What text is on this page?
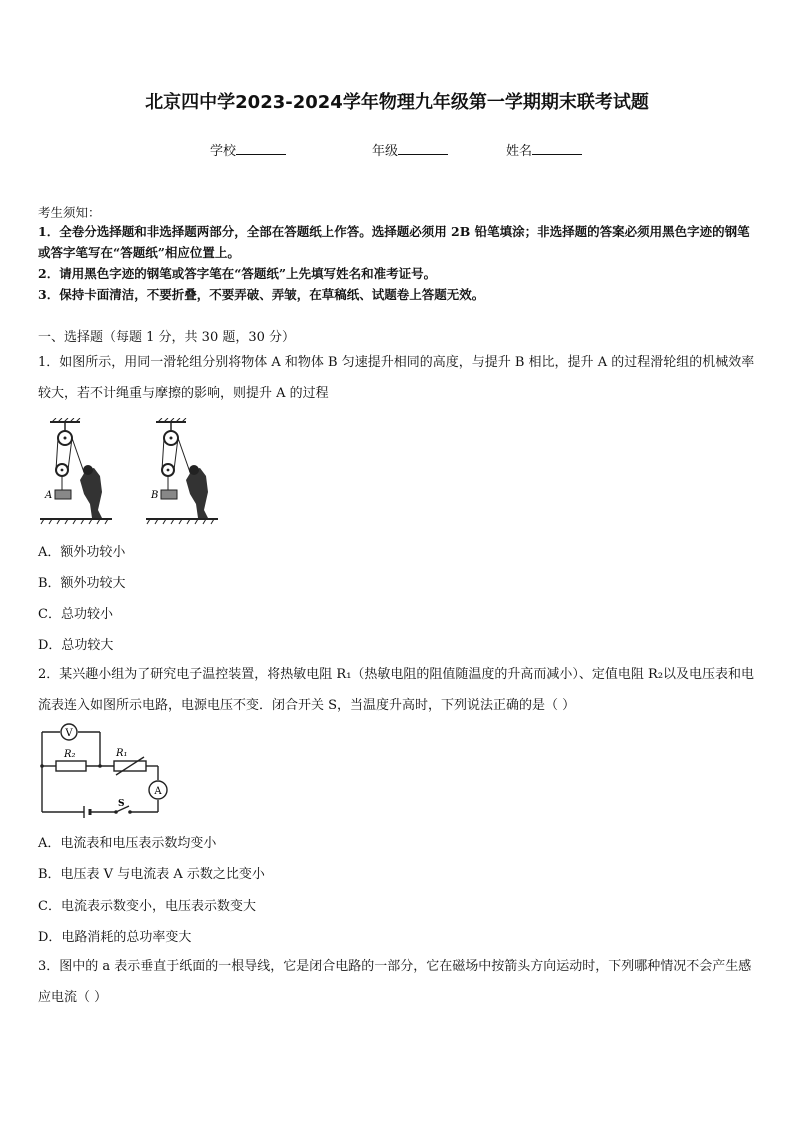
北京四中学2023-2024学年物理九年级第一学期期末联考试题
学校	年级	姓名
考生须知：
1．全卷分选择题和非选择题两部分，全部在答题纸上作答。选择题必须用 2B 铅笔填涂；非选择题的答案必须用黑色字迹的钢笔或答字笔写在“答题纸”相应位置上。
2．请用黑色字迹的钢笔或答字笔在“答题纸”上先填写姓名和准考证号。
3．保持卡面清洁，不要折叠，不要弄破、弄皱，在草稿纸、试题卷上答题无效。
一、选择题（每题 1 分，共 30 题，30 分）
1．如图所示，用同一滑轮组分别将物体 A 和物体 B 匀速提升相同的高度，与提升 B 相比，提升 A 的过程滑轮组的机械效率较大，若不计绳重与摩擦的影响，则提升 A 的过程
A	B
A．额外功较小
B．额外功较大
C．总功较小
D．总功较大
2．某兴趣小组为了研究电子温控装置，将热敏电阻 R₁（热敏电阻的阻值随温度的升高而减小）、定值电阻 R₂以及电压表和电流表连入如图所示电路，电源电压不变．闭合开关 S，当温度升高时，下列说法正确的是（ ）
V
A
R₂	R₁
S
A．电流表和电压表示数均变小
B．电压表 V 与电流表 A 示数之比变小
C．电流表示数变小，电压表示数变大
D．电路消耗的总功率变大
3．图中的 a 表示垂直于纸面的一根导线，它是闭合电路的一部分，它在磁场中按箭头方向运动时，下列哪种情况不会产生感应电流（ ）
